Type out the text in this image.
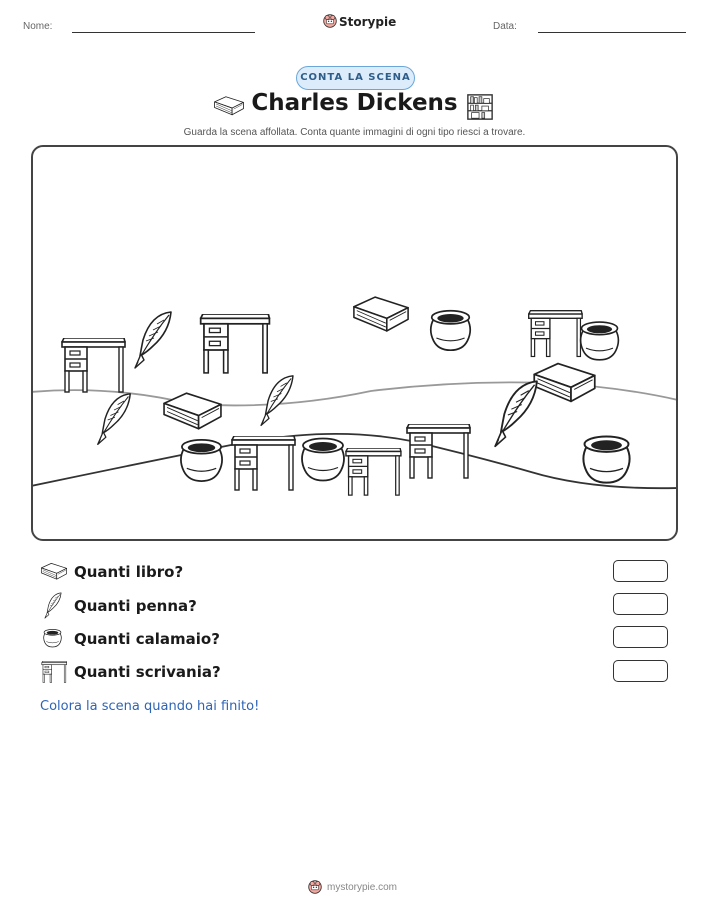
Nome:	Data:
Storypie
CONTA LA SCENA
Charles Dickens
Guarda la scena affollata. Conta quante immagini di ogni tipo riesci a trovare.
Quanti libro?
Quanti penna?
Quanti calamaio?
Quanti scrivania?
Colora la scena quando hai finito!
mystorypie.com
